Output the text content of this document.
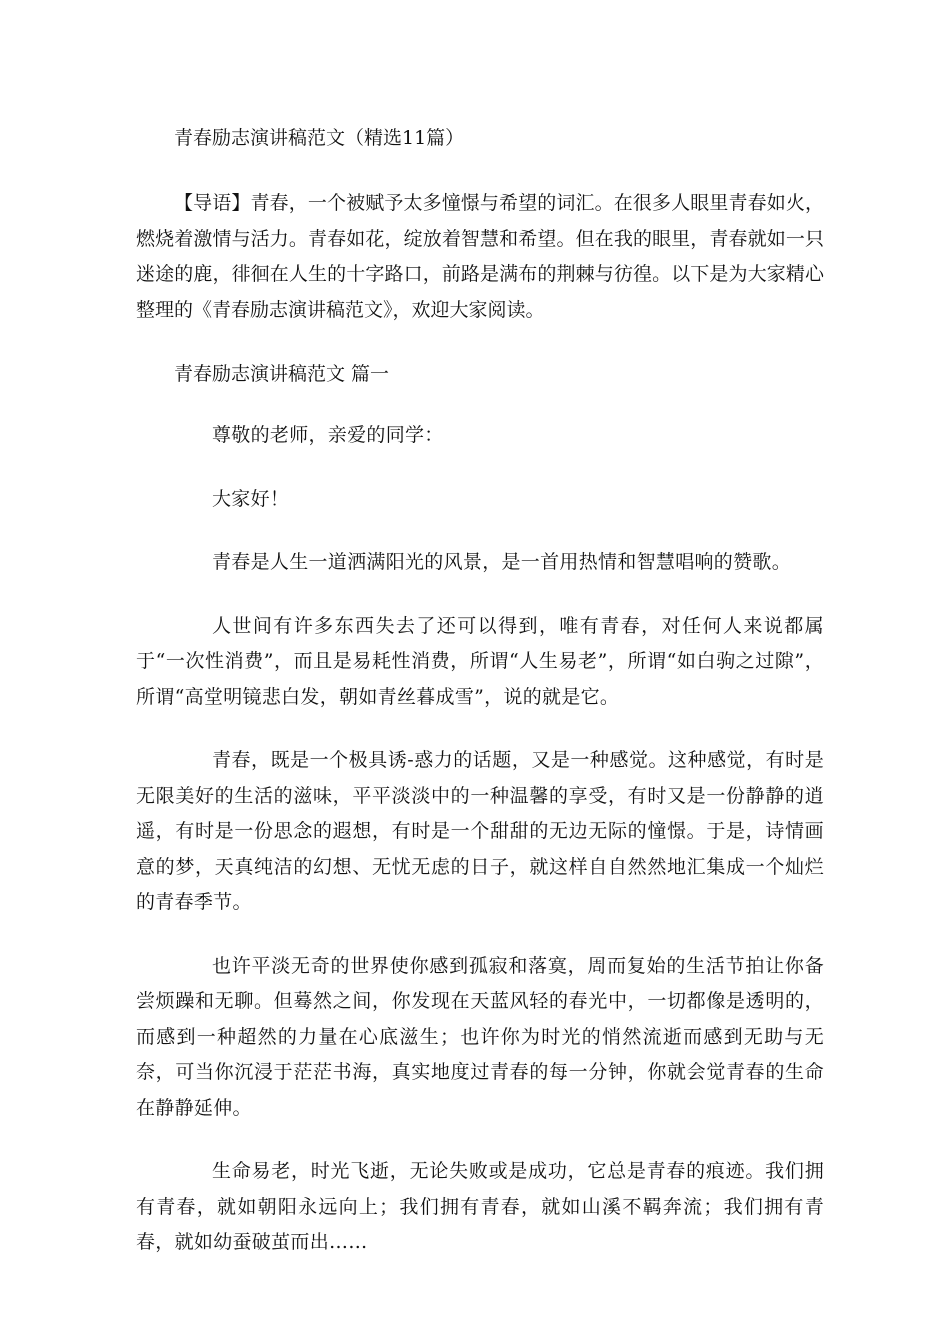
青春励志演讲稿范文（精选11篇）

【导语】青春，一个被赋予太多憧憬与希望的词汇。在很多人眼里青春如火，燃烧着激情与活力。青春如花，绽放着智慧和希望。但在我的眼里，青春就如一只迷途的鹿，徘徊在人生的十字路口，前路是满布的荆棘与彷徨。以下是为大家精心整理的《青春励志演讲稿范文》，欢迎大家阅读。

青春励志演讲稿范文 篇一

尊敬的老师，亲爱的同学：

大家好！

青春是人生一道洒满阳光的风景，是一首用热情和智慧唱响的赞歌。

人世间有许多东西失去了还可以得到，唯有青春，对任何人来说都属于“一次性消费”，而且是易耗性消费，所谓“人生易老”，所谓“如白驹之过隙”，所谓“高堂明镜悲白发，朝如青丝暮成雪”，说的就是它。

青春，既是一个极具诱-惑力的话题，又是一种感觉。这种感觉，有时是无限美好的生活的滋味，平平淡淡中的一种温馨的享受，有时又是一份静静的逍遥，有时是一份思念的遐想，有时是一个甜甜的无边无际的憧憬。于是，诗情画意的梦，天真纯洁的幻想、无忧无虑的日子，就这样自自然然地汇集成一个灿烂的青春季节。

也许平淡无奇的世界使你感到孤寂和落寞，周而复始的生活节拍让你备尝烦躁和无聊。但蓦然之间，你发现在天蓝风轻的春光中，一切都像是透明的，而感到一种超然的力量在心底滋生；也许你为时光的悄然流逝而感到无助与无奈，可当你沉浸于茫茫书海，真实地度过青春的每一分钟，你就会觉青春的生命在静静延伸。

生命易老，时光飞逝，无论失败或是成功，它总是青春的痕迹。我们拥有青春，就如朝阳永远向上；我们拥有青春，就如山溪不羁奔流；我们拥有青春，就如幼蚕破茧而出……
